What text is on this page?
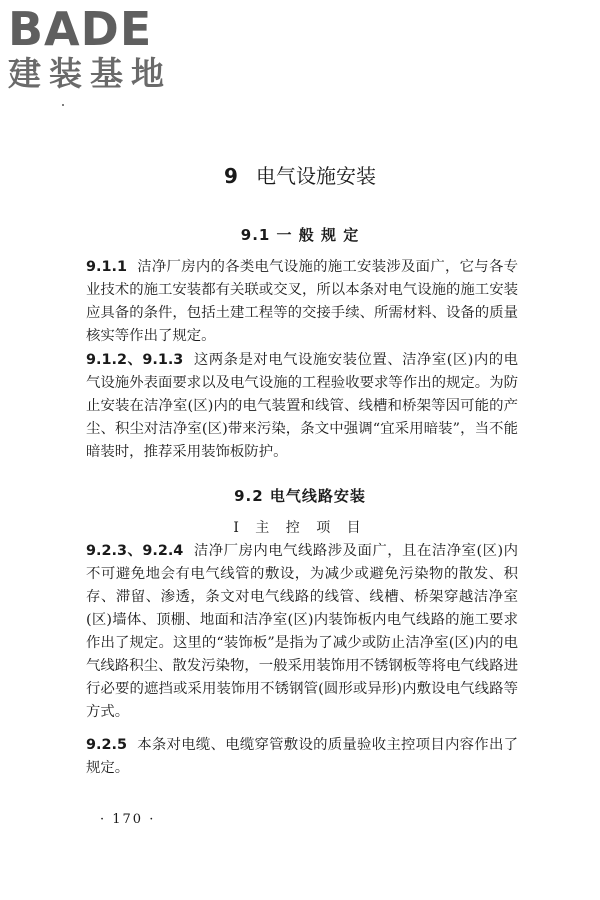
BADE
建装基地
9 电气设施安装
9.1 一 般 规 定
9.1.1 洁净厂房内的各类电气设施的施工安装涉及面广，它与各专业技术的施工安装都有关联或交叉，所以本条对电气设施的施工安装应具备的条件，包括土建工程等的交接手续、所需材料、设备的质量核实等作出了规定。
9.1.2、9.1.3 这两条是对电气设施安装位置、洁净室(区)内的电气设施外表面要求以及电气设施的工程验收要求等作出的规定。为防止安装在洁净室(区)内的电气装置和线管、线槽和桥架等因可能的产尘、积尘对洁净室(区)带来污染，条文中强调“宜采用暗装”，当不能暗装时，推荐采用装饰板防护。
9.2 电气线路安装
Ⅰ 主 控 项 目
9.2.3、9.2.4 洁净厂房内电气线路涉及面广，且在洁净室(区)内不可避免地会有电气线管的敷设，为减少或避免污染物的散发、积存、滞留、渗透，条文对电气线路的线管、线槽、桥架穿越洁净室(区)墙体、顶棚、地面和洁净室(区)内装饰板内电气线路的施工要求作出了规定。这里的“装饰板”是指为了减少或防止洁净室(区)内的电气线路积尘、散发污染物，一般采用装饰用不锈钢板等将电气线路进行必要的遮挡或采用装饰用不锈钢管(圆形或异形)内敷设电气线路等方式。
9.2.5 本条对电缆、电缆穿管敷设的质量验收主控项目内容作出了规定。
· 170 ·
